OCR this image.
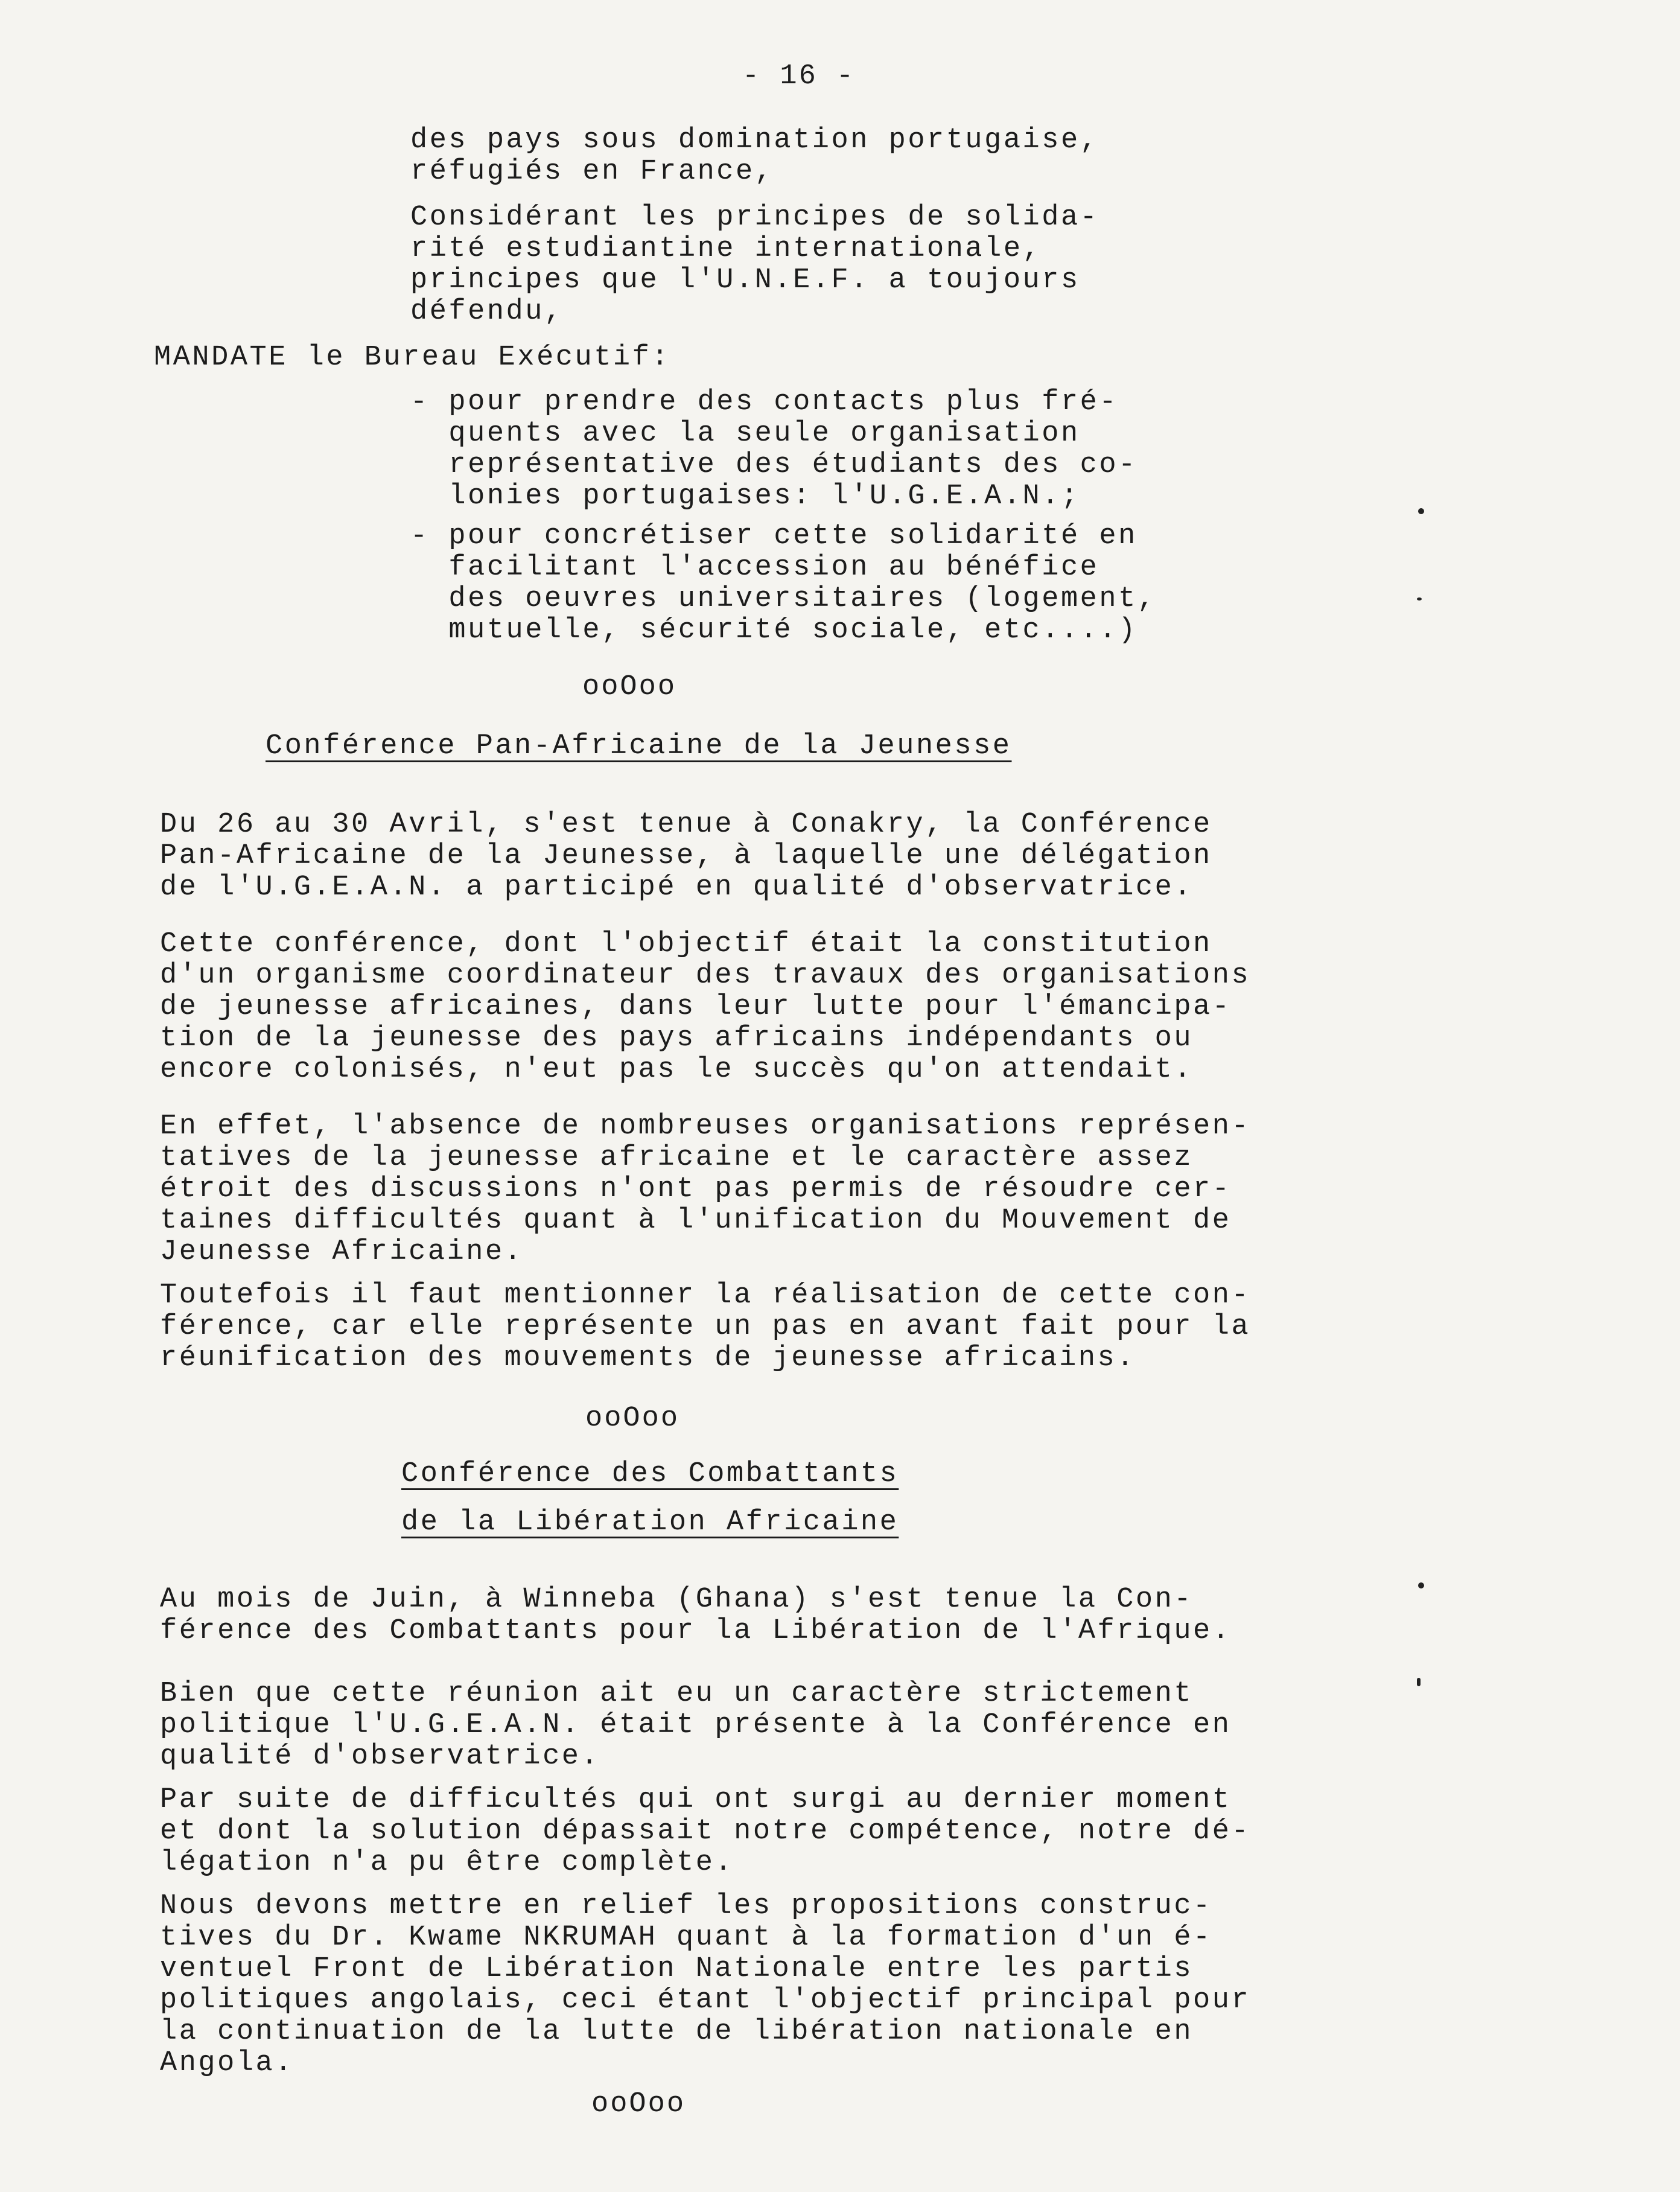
- 16 -
des pays sous domination portugaise,
réfugiés en France,
Considérant les principes de solida-
rité estudiantine internationale,
principes que l'U.N.E.F. a toujours
défendu,
MANDATE le Bureau Exécutif:
- pour prendre des contacts plus fré-
quents avec la seule organisation
représentative des étudiants des co-
lonies portugaises: l'U.G.E.A.N.;
- pour concrétiser cette solidarité en
facilitant l'accession au bénéfice
des oeuvres universitaires (logement,
mutuelle, sécurité sociale, etc....)
ooOoo
Conférence Pan-Africaine de la Jeunesse
Du 26 au 30 Avril, s'est tenue à Conakry, la Conférence
Pan-Africaine de la Jeunesse, à laquelle une délégation
de l'U.G.E.A.N. a participé en qualité d'observatrice.
Cette conférence, dont l'objectif était la constitution
d'un organisme coordinateur des travaux des organisations
de jeunesse africaines, dans leur lutte pour l'émancipa-
tion de la jeunesse des pays africains indépendants ou
encore colonisés, n'eut pas le succès qu'on attendait.
En effet, l'absence de nombreuses organisations représen-
tatives de la jeunesse africaine et le caractère assez
étroit des discussions n'ont pas permis de résoudre cer-
taines difficultés quant à l'unification du Mouvement de
Jeunesse Africaine.
Toutefois il faut mentionner la réalisation de cette con-
férence, car elle représente un pas en avant fait pour la
réunification des mouvements de jeunesse africains.
ooOoo
Conférence des Combattants
de la Libération Africaine
Au mois de Juin, à Winneba (Ghana) s'est tenue la Con-
férence des Combattants pour la Libération de l'Afrique.
Bien que cette réunion ait eu un caractère strictement
politique l'U.G.E.A.N. était présente à la Conférence en
qualité d'observatrice.
Par suite de difficultés qui ont surgi au dernier moment
et dont la solution dépassait notre compétence, notre dé-
légation n'a pu être complète.
Nous devons mettre en relief les propositions construc-
tives du Dr. Kwame NKRUMAH quant à la formation d'un é-
ventuel Front de Libération Nationale entre les partis
politiques angolais, ceci étant l'objectif principal pour
la continuation de la lutte de libération nationale en
Angola.
ooOoo
